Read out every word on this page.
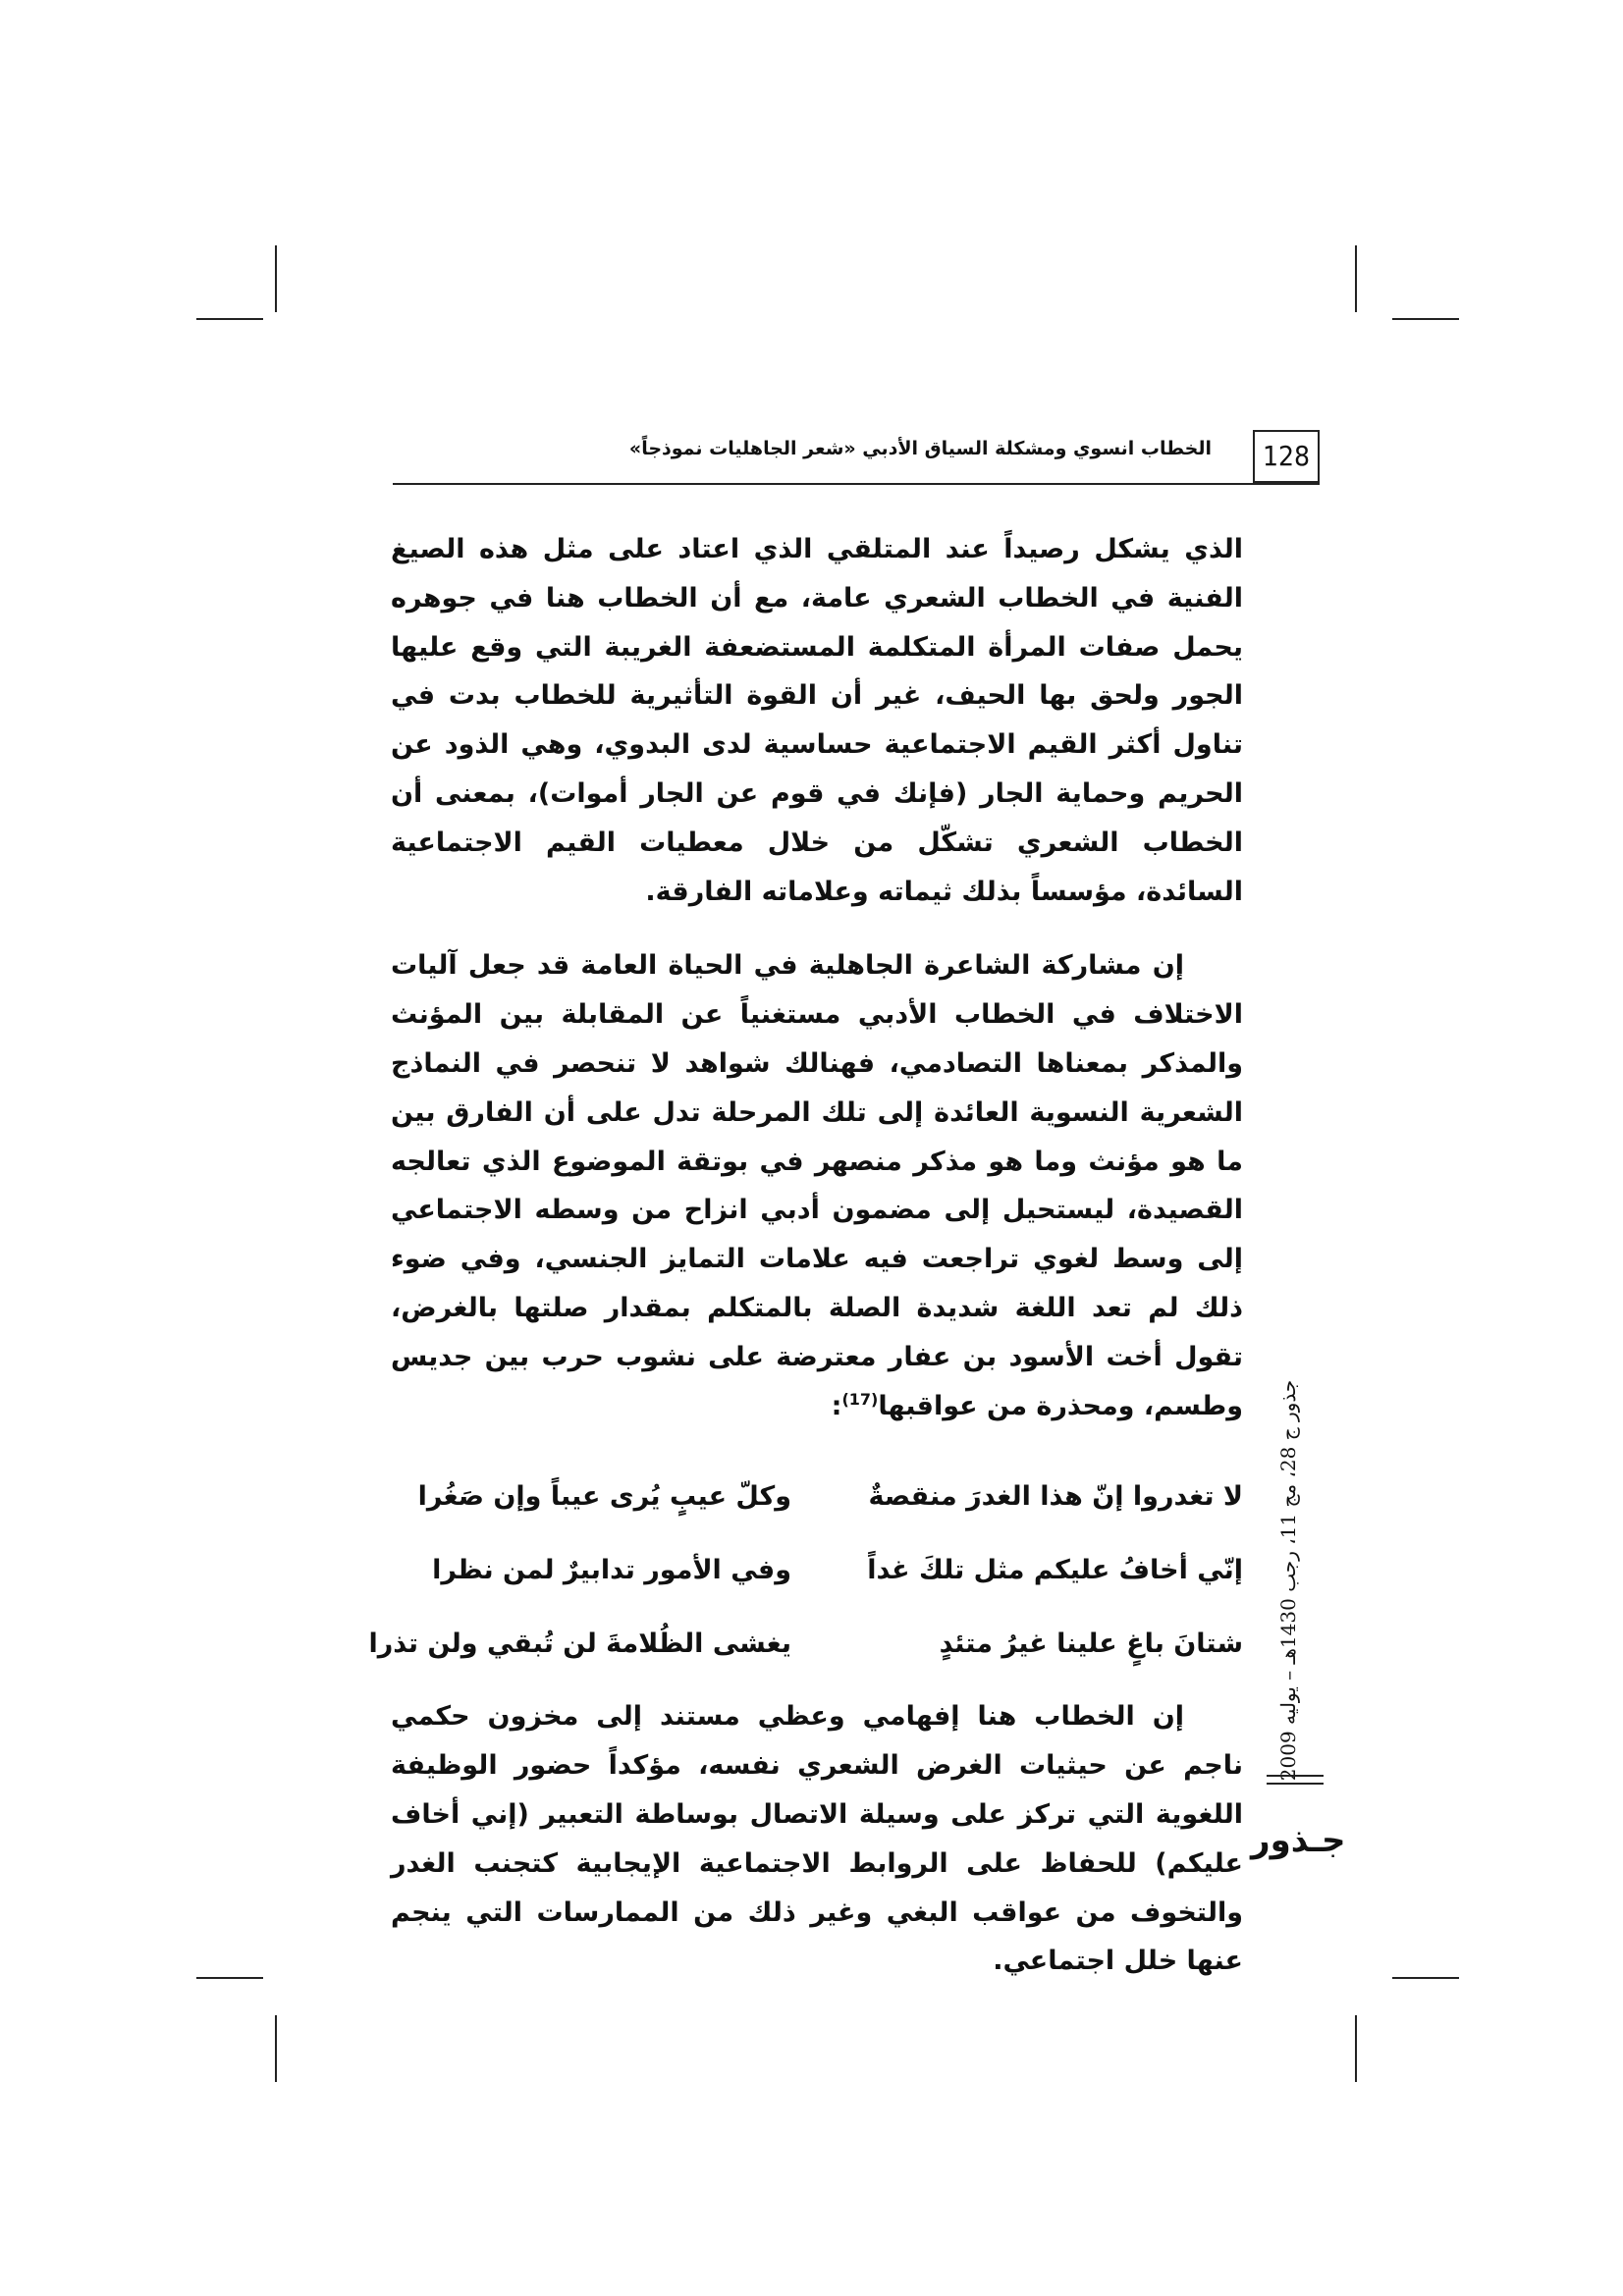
128
الخطاب انسوي ومشكلة السياق الأدبي «شعر الجاهليات نموذجاً»

الذي يشكل رصيداً عند المتلقي الذي اعتاد على مثل هذه الصيغ الفنية في الخطاب الشعري عامة، مع أن الخطاب هنا في جوهره يحمل صفات المرأة المتكلمة المستضعفة الغريبة التي وقع عليها الجور ولحق بها الحيف، غير أن القوة التأثيرية للخطاب بدت في تناول أكثر القيم الاجتماعية حساسية لدى البدوي، وهي الذود عن الحريم وحماية الجار (فإنك في قوم عن الجار أموات)، بمعنى أن الخطاب الشعري تشكّل من خلال معطيات القيم الاجتماعية السائدة، مؤسساً بذلك ثيماته وعلاماته الفارقة.

إن مشاركة الشاعرة الجاهلية في الحياة العامة قد جعل آليات الاختلاف في الخطاب الأدبي مستغنياً عن المقابلة بين المؤنث والمذكر بمعناها التصادمي، فهنالك شواهد لا تنحصر في النماذج الشعرية النسوية العائدة إلى تلك المرحلة تدل على أن الفارق بين ما هو مؤنث وما هو مذكر منصهر في بوتقة الموضوع الذي تعالجه القصيدة، ليستحيل إلى مضمون أدبي انزاح من وسطه الاجتماعي إلى وسط لغوي تراجعت فيه علامات التمايز الجنسي، وفي ضوء ذلك لم تعد اللغة شديدة الصلة بالمتكلم بمقدار صلتها بالغرض، تقول أخت الأسود بن عفار معترضة على نشوب حرب بين جديس وطسم، ومحذرة من عواقبها$^{(17)}$:

لا تغدروا إنّ هذا الغدرَ منقصةٌ
وكلّ عيبٍ يُرى عيباً وإن صَغُرا
إنّي أخافُ عليكم مثل تلكَ غداً
وفي الأمور تدابيرٌ لمن نظرا
شتانَ باغٍ علينا غيرُ متئدٍ
يغشى الظُلامةَ لن تُبقي ولن تذرا

إن الخطاب هنا إفهامي وعظي مستند إلى مخزون حكمي ناجم عن حيثيات الغرض الشعري نفسه، مؤكداً حضور الوظيفة اللغوية التي تركز على وسيلة الاتصال بوساطة التعبير (إني أخاف عليكم) للحفاظ على الروابط الاجتماعية الإيجابية كتجنب الغدر والتخوف من عواقب البغي وغير ذلك من الممارسات التي ينجم عنها خلل اجتماعي.

جذور ج 28، مج 11، رجب 1430هـ – يوليه 2009
جـذور
